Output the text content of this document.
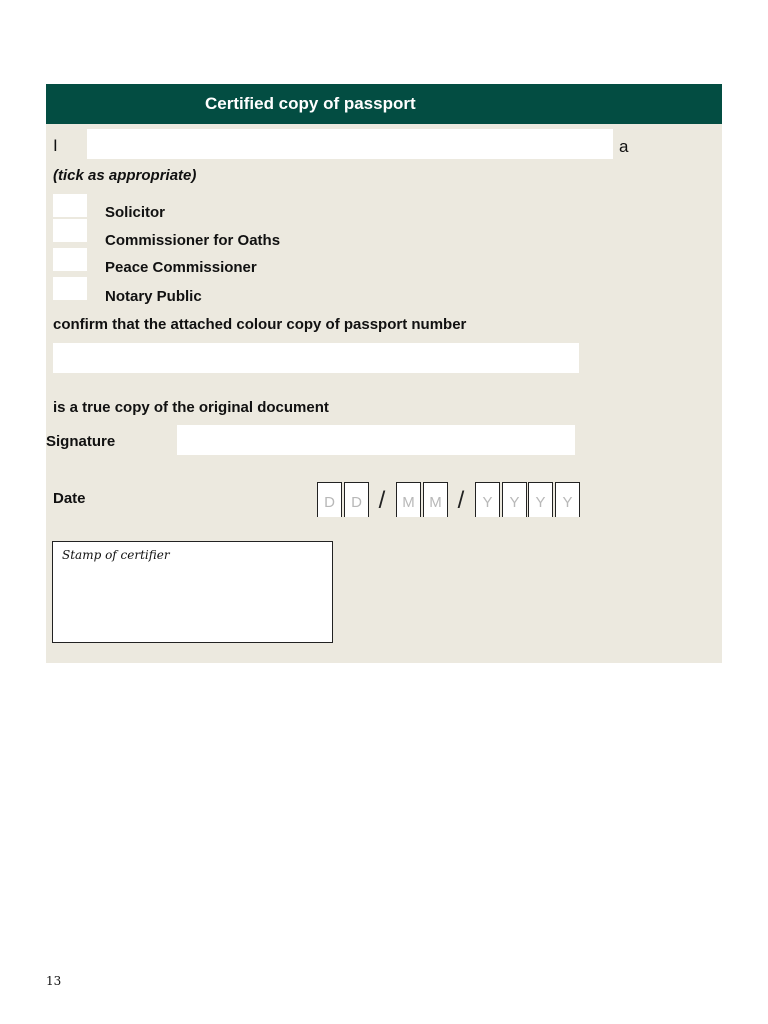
Certified copy of passport
I	a
(tick as appropriate)
Solicitor
Commissioner for Oaths
Peace Commissioner
Notary Public
confirm that the attached colour copy of passport number
is a true copy of the original document
Signature
Date	D	D /	M M /	Y	Y	Y	Y
Stamp of certifier
13
